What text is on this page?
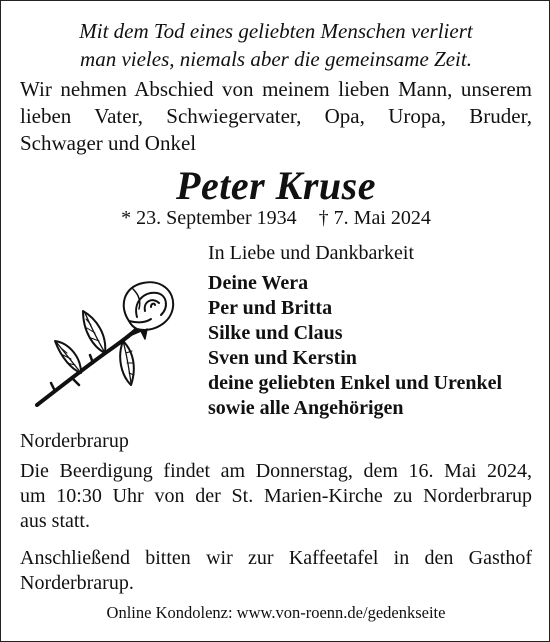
Mit dem Tod eines geliebten Menschen verliert
man vieles, niemals aber die gemeinsame Zeit.
Wir nehmen Abschied von meinem lieben Mann, unserem
lieben Vater, Schwiegervater, Opa, Uropa, Bruder,
Schwager und Onkel
Peter Kruse
* 23. September 1934 † 7. Mai 2024
In Liebe und Dankbarkeit
Deine Wera
Per und Britta
Silke und Claus
Sven und Kerstin
deine geliebten Enkel und Urenkel
sowie alle Angehörigen
Norderbrarup
Die Beerdigung findet am Donnerstag, dem 16. Mai 2024,
um 10:30 Uhr von der St. Marien-Kirche zu Norderbrarup
aus statt.
Anschließend bitten wir zur Kaffeetafel in den Gasthof
Norderbrarup.
Online Kondolenz: www.von-roenn.de/gedenkseite
